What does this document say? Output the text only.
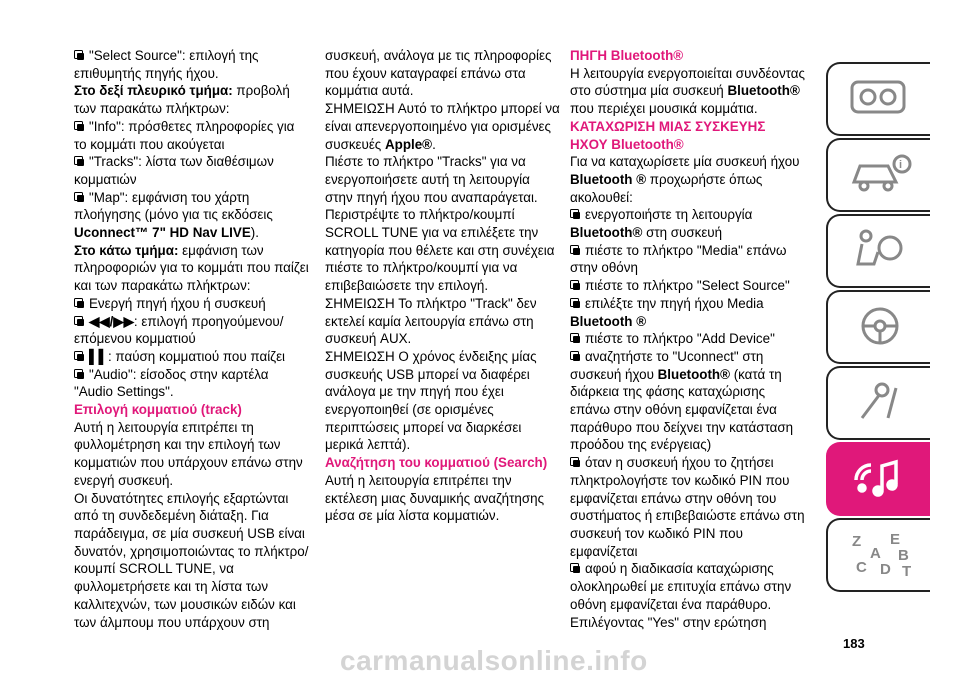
"Select Source": επιλογή της επιθυμητής πηγής ήχου.

Στο δεξί πλευρικό τμήμα: προβολή των παρακάτω πλήκτρων:

"Info": πρόσθετες πληροφορίες για το κομμάτι που ακούγεται

"Tracks": λίστα των διαθέσιμων κομματιών

"Map": εμφάνιση του χάρτη πλοήγησης (μόνο για τις εκδόσεις Uconnect™ 7" HD Nav LIVE).

Στο κάτω τμήμα: εμφάνιση των πληροφοριών για το κομμάτι που παίζει και των παρακάτω πλήκτρων:

Ενεργή πηγή ήχου ή συσκευή

◀◀/▶▶: επιλογή προηγούμενου/επόμενου κομματιού

▌▌: παύση κομματιού που παίζει

"Audio": είσοδος στην καρτέλα "Audio Settings".

Επιλογή κομματιού (track)

Αυτή η λειτουργία επιτρέπει τη φυλλομέτρηση και την επιλογή των κομματιών που υπάρχουν επάνω στην ενεργή συσκευή.

Οι δυνατότητες επιλογής εξαρτώνται από τη συνδεδεμένη διάταξη. Για παράδειγμα, σε μία συσκευή USB είναι δυνατόν, χρησιμοποιώντας το πλήκτρο/κουμπί SCROLL TUNE, να φυλλομετρήσετε και τη λίστα των καλλιτεχνών, των μουσικών ειδών και των άλμπουμ που υπάρχουν στη

συσκευή, ανάλογα με τις πληροφορίες που έχουν καταγραφεί επάνω στα κομμάτια αυτά.

ΣΗΜΕΙΩΣΗ Αυτό το πλήκτρο μπορεί να είναι απενεργοποιημένο για ορισμένες συσκευές Apple®.

Πιέστε το πλήκτρο "Tracks" για να ενεργοποιήσετε αυτή τη λειτουργία στην πηγή ήχου που αναπαράγεται.

Περιστρέψτε το πλήκτρο/κουμπί SCROLL TUNE για να επιλέξετε την κατηγορία που θέλετε και στη συνέχεια πιέστε το πλήκτρο/κουμπί για να επιβεβαιώσετε την επιλογή.

ΣΗΜΕΙΩΣΗ Το πλήκτρο "Track" δεν εκτελεί καμία λειτουργία επάνω στη συσκευή AUX.

ΣΗΜΕΙΩΣΗ Ο χρόνος ένδειξης μίας συσκευής USB μπορεί να διαφέρει ανάλογα με την πηγή που έχει ενεργοποιηθεί (σε ορισμένες περιπτώσεις μπορεί να διαρκέσει μερικά λεπτά).

Αναζήτηση του κομματιού (Search)

Αυτή η λειτουργία επιτρέπει την εκτέλεση μιας δυναμικής αναζήτησης μέσα σε μία λίστα κομματιών.

ΠΗΓΗ Bluetooth®

Η λειτουργία ενεργοποιείται συνδέοντας στο σύστημα μία συσκευή Bluetooth® που περιέχει μουσικά κομμάτια.

ΚΑΤΑΧΩΡΙΣΗ ΜΙΑΣ ΣΥΣΚΕΥΗΣ ΗΧΟΥ Bluetooth®

Για να καταχωρίσετε μία συσκευή ήχου Bluetooth ® προχωρήστε όπως ακολουθεί:

ενεργοποιήστε τη λειτουργία Bluetooth® στη συσκευή

πιέστε το πλήκτρο "Media" επάνω στην οθόνη

πιέστε το πλήκτρο "Select Source"

επιλέξτε την πηγή ήχου Media Bluetooth ®

πιέστε το πλήκτρο "Add Device"

αναζητήστε το "Uconnect" στη συσκευή ήχου Bluetooth® (κατά τη διάρκεια της φάσης καταχώρισης επάνω στην οθόνη εμφανίζεται ένα παράθυρο που δείχνει την κατάσταση προόδου της ενέργειας)

όταν η συσκευή ήχου το ζητήσει πληκτρολογήστε τον κωδικό PIN που εμφανίζεται επάνω στην οθόνη του συστήματος ή επιβεβαιώστε επάνω στη συσκευή τον κωδικό PIN που εμφανίζεται

αφού η διαδικασία καταχώρισης ολοκληρωθεί με επιτυχία επάνω στην οθόνη εμφανίζεται ένα παράθυρο. Επιλέγοντας "Yes" στην ερώτηση

i
Z E
A B
C D T
183
carmanualsonline.info
